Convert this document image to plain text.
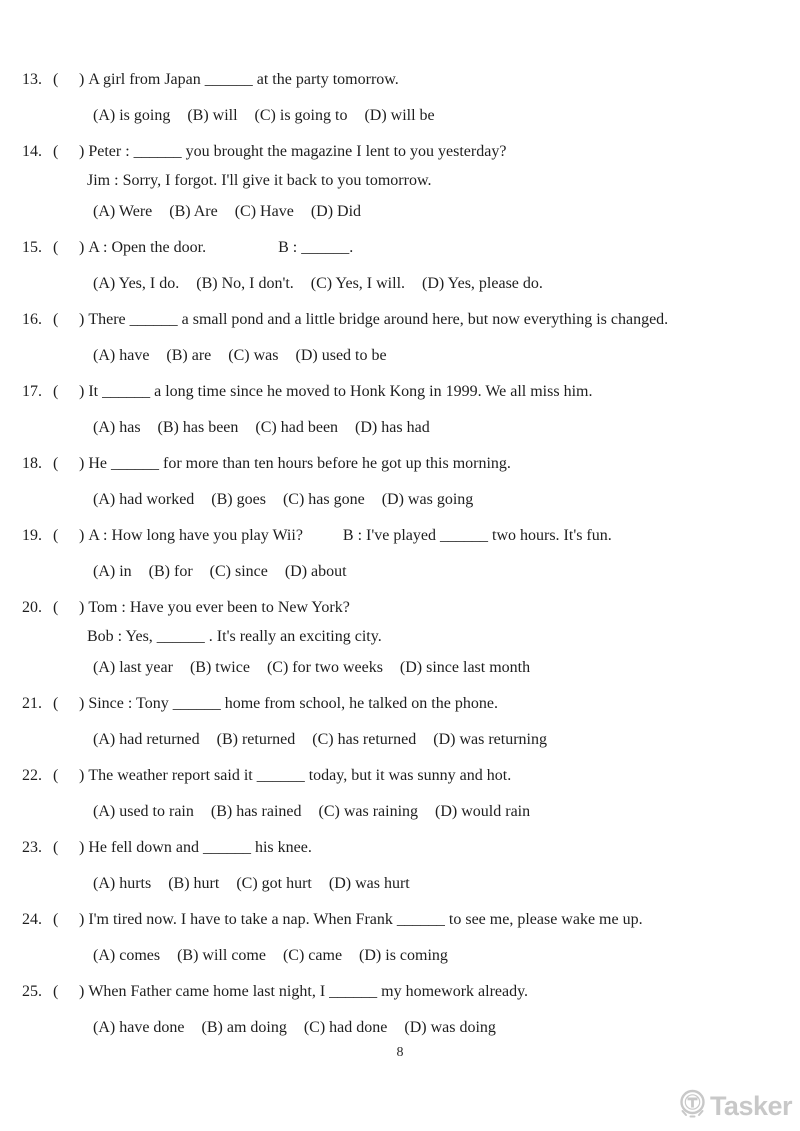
13. (	) A girl from Japan ______ at the party tomorrow.
(A) is going (B) will (C) is going to (D) will be
14. (	) Peter : ______ you brought the magazine I lent to you yesterday?
Jim : Sorry, I forgot. I'll give it back to you tomorrow.
(A) Were (B) Are (C) Have (D) Did
15. (	) A : Open the door.                  B : ______.
(A) Yes, I do. (B) No, I don't. (C) Yes, I will. (D) Yes, please do.
16. (	) There ______ a small pond and a little bridge around here, but now everything is changed.
(A) have (B) are (C) was (D) used to be
17. (	) It ______ a long time since he moved to Honk Kong in 1999. We all miss him.
(A) has (B) has been (C) had been (D) has had
18. (	) He ______ for more than ten hours before he got up this morning.
(A) had worked (B) goes (C) has gone (D) was going
19. (	) A : How long have you play Wii?          B : I've played ______ two hours. It's fun.
(A) in (B) for (C) since (D) about
20. (	) Tom : Have you ever been to New York?
Bob : Yes, ______ . It's really an exciting city.
(A) last year (B) twice (C) for two weeks (D) since last month
21. (	) Since : Tony ______ home from school, he talked on the phone.
(A) had returned (B) returned (C) has returned (D) was returning
22. (	) The weather report said it ______ today, but it was sunny and hot.
(A) used to rain (B) has rained (C) was raining (D) would rain
23. (	) He fell down and ______ his knee.
(A) hurts (B) hurt (C) got hurt (D) was hurt
24. (	) I'm tired now. I have to take a nap. When Frank ______ to see me, please wake me up.
(A) comes (B) will come (C) came (D) is coming
25. (	) When Father came home last night, I ______ my homework already.
(A) have done (B) am doing (C) had done (D) was doing
8
Tasker
